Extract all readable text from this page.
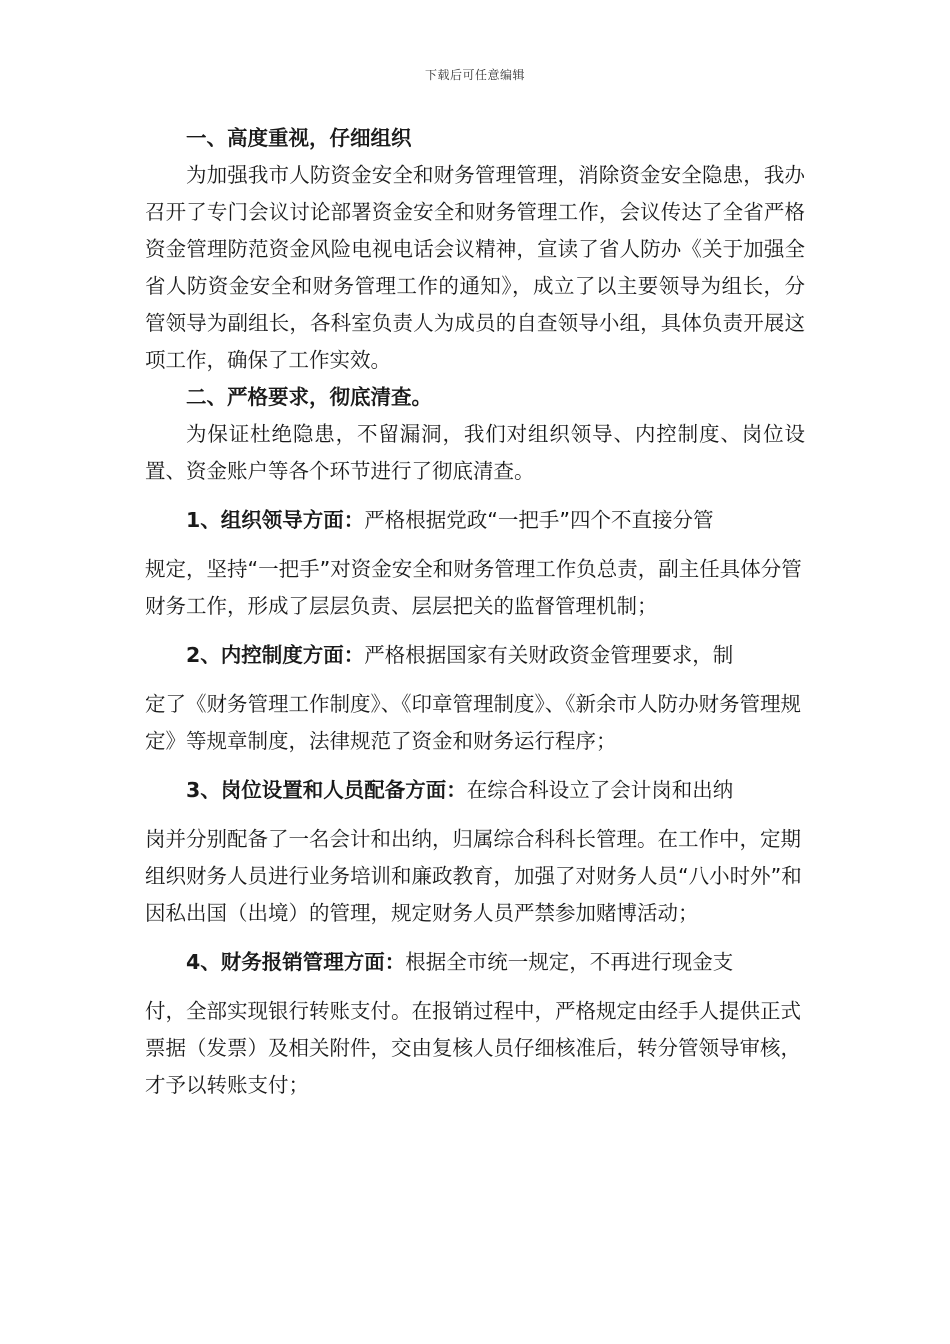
下载后可任意编辑

一、高度重视，仔细组织

为加强我市人防资金安全和财务管理管理，消除资金安全隐患，我办召开了专门会议讨论部署资金安全和财务管理工作，会议传达了全省严格资金管理防范资金风险电视电话会议精神，宣读了省人防办《关于加强全省人防资金安全和财务管理工作的通知》，成立了以主要领导为组长，分管领导为副组长，各科室负责人为成员的自查领导小组，具体负责开展这项工作，确保了工作实效。

二、严格要求，彻底清查。

为保证杜绝隐患，不留漏洞，我们对组织领导、内控制度、岗位设置、资金账户等各个环节进行了彻底清查。

1、组织领导方面：严格根据党政“一把手”四个不直接分管
规定，坚持“一把手”对资金安全和财务管理工作负总责，副主任具体分管财务工作，形成了层层负责、层层把关的监督管理机制；
2、内控制度方面：严格根据国家有关财政资金管理要求，制
定了《财务管理工作制度》、《印章管理制度》、《新余市人防办财务管理规定》等规章制度，法律规范了资金和财务运行程序；
3、岗位设置和人员配备方面：在综合科设立了会计岗和出纳
岗并分别配备了一名会计和出纳，归属综合科科长管理。在工作中，定期组织财务人员进行业务培训和廉政教育，加强了对财务人员“八小时外”和因私出国（出境）的管理，规定财务人员严禁参加赌博活动；
4、财务报销管理方面：根据全市统一规定，不再进行现金支
付，全部实现银行转账支付。在报销过程中，严格规定由经手人提供正式票据（发票）及相关附件，交由复核人员仔细核准后，转分管领导审核，才予以转账支付；
